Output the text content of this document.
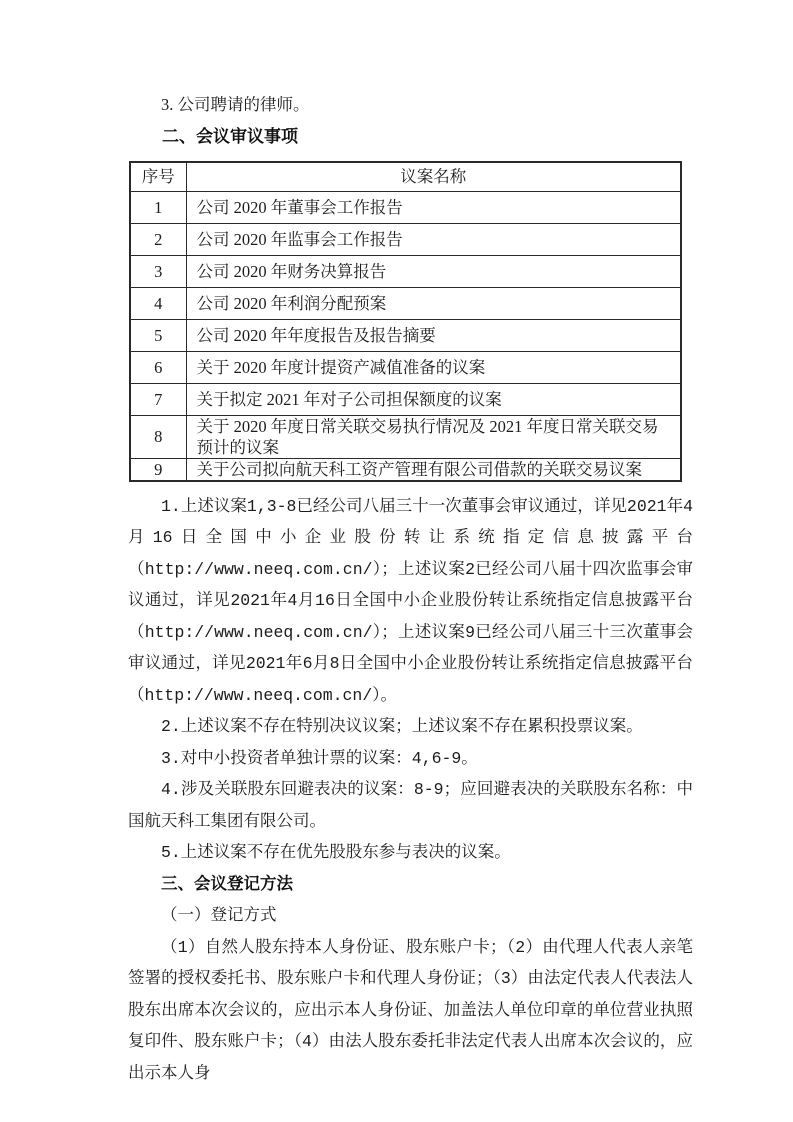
3. 公司聘请的律师。

二、会议审议事项
序号	议案名称
1	公司 2020 年董事会工作报告
2	公司 2020 年监事会工作报告
3	公司 2020 年财务决算报告
4	公司 2020 年利润分配预案
5	公司 2020 年年度报告及报告摘要
6	关于 2020 年度计提资产减值准备的议案
7	关于拟定 2021 年对子公司担保额度的议案
8	关于 2020 年度日常关联交易执行情况及 2021 年度日常关联交易预计的议案
9	关于公司拟向航天科工资产管理有限公司借款的关联交易议案

1.上述议案1,3-8已经公司八届三十一次董事会审议通过，详见2021年4月16日全国中小企业股份转让系统指定信息披露平台（http://www.neeq.com.cn/）；上述议案2已经公司八届十四次监事会审议通过，详见2021年4月16日全国中小企业股份转让系统指定信息披露平台（http://www.neeq.com.cn/）；上述议案9已经公司八届三十三次董事会审议通过，详见2021年6月8日全国中小企业股份转让系统指定信息披露平台（http://www.neeq.com.cn/）。

2.上述议案不存在特别决议议案；上述议案不存在累积投票议案。

3.对中小投资者单独计票的议案：4,6-9。

4.涉及关联股东回避表决的议案：8-9；应回避表决的关联股东名称：中国航天科工集团有限公司。

5.上述议案不存在优先股股东参与表决的议案。

三、会议登记方法

（一）登记方式

（1）自然人股东持本人身份证、股东账户卡；（2）由代理人代表人亲笔签署的授权委托书、股东账户卡和代理人身份证；（3）由法定代表人代表法人股东出席本次会议的，应出示本人身份证、加盖法人单位印章的单位营业执照复印件、股东账户卡；（4）由法人股东委托非法定代表人出席本次会议的，应出示本人身
